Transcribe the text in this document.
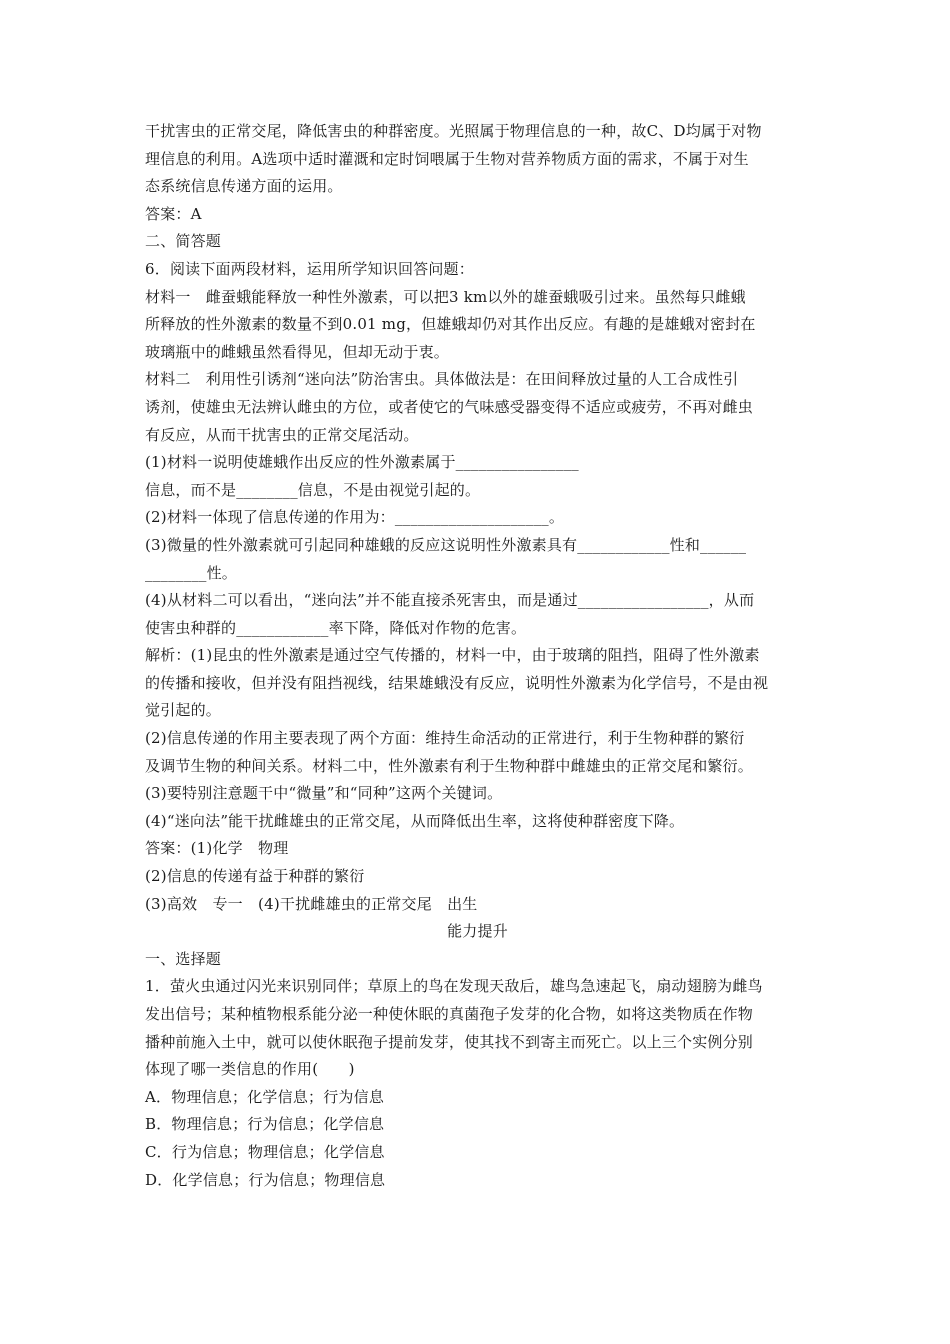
干扰害虫的正常交尾，降低害虫的种群密度。光照属于物理信息的一种，故C、D均属于对物
理信息的利用。A选项中适时灌溉和定时饲喂属于生物对营养物质方面的需求，不属于对生
态系统信息传递方面的运用。
答案：A
二、简答题
6．阅读下面两段材料，运用所学知识回答问题：
材料一　雌蚕蛾能释放一种性外激素，可以把3 km以外的雄蚕蛾吸引过来。虽然每只雌蛾
所释放的性外激素的数量不到0.01 mg，但雄蛾却仍对其作出反应。有趣的是雄蛾对密封在
玻璃瓶中的雌蛾虽然看得见，但却无动于衷。
材料二　利用性引诱剂“迷向法”防治害虫。具体做法是：在田间释放过量的人工合成性引
诱剂，使雄虫无法辨认雌虫的方位，或者使它的气味感受器变得不适应或疲劳，不再对雌虫
有反应，从而干扰害虫的正常交尾活动。
(1)材料一说明使雄蛾作出反应的性外激素属于________________
信息，而不是________信息，不是由视觉引起的。
(2)材料一体现了信息传递的作用为：____________________。
(3)微量的性外激素就可引起同种雄蛾的反应这说明性外激素具有____________性和______
________性。
(4)从材料二可以看出，“迷向法”并不能直接杀死害虫，而是通过_________________，从而
使害虫种群的____________率下降，降低对作物的危害。
解析：(1)昆虫的性外激素是通过空气传播的，材料一中，由于玻璃的阻挡，阻碍了性外激素
的传播和接收，但并没有阻挡视线，结果雄蛾没有反应，说明性外激素为化学信号，不是由视
觉引起的。
(2)信息传递的作用主要表现了两个方面：维持生命活动的正常进行，利于生物种群的繁衍
及调节生物的种间关系。材料二中，性外激素有利于生物种群中雌雄虫的正常交尾和繁衍。
(3)要特别注意题干中“微量”和“同种”这两个关键词。
(4)“迷向法”能干扰雌雄虫的正常交尾，从而降低出生率，这将使种群密度下降。
答案：(1)化学　物理
(2)信息的传递有益于种群的繁衍
(3)高效　专一　(4)干扰雌雄虫的正常交尾　出生
能力提升
一、选择题
1．萤火虫通过闪光来识别同伴；草原上的鸟在发现天敌后，雄鸟急速起飞，扇动翅膀为雌鸟
发出信号；某种植物根系能分泌一种使休眠的真菌孢子发芽的化合物，如将这类物质在作物
播种前施入土中，就可以使休眠孢子提前发芽，使其找不到寄主而死亡。以上三个实例分别
体现了哪一类信息的作用(　　)
A．物理信息；化学信息；行为信息
B．物理信息；行为信息；化学信息
C．行为信息；物理信息；化学信息
D．化学信息；行为信息；物理信息
